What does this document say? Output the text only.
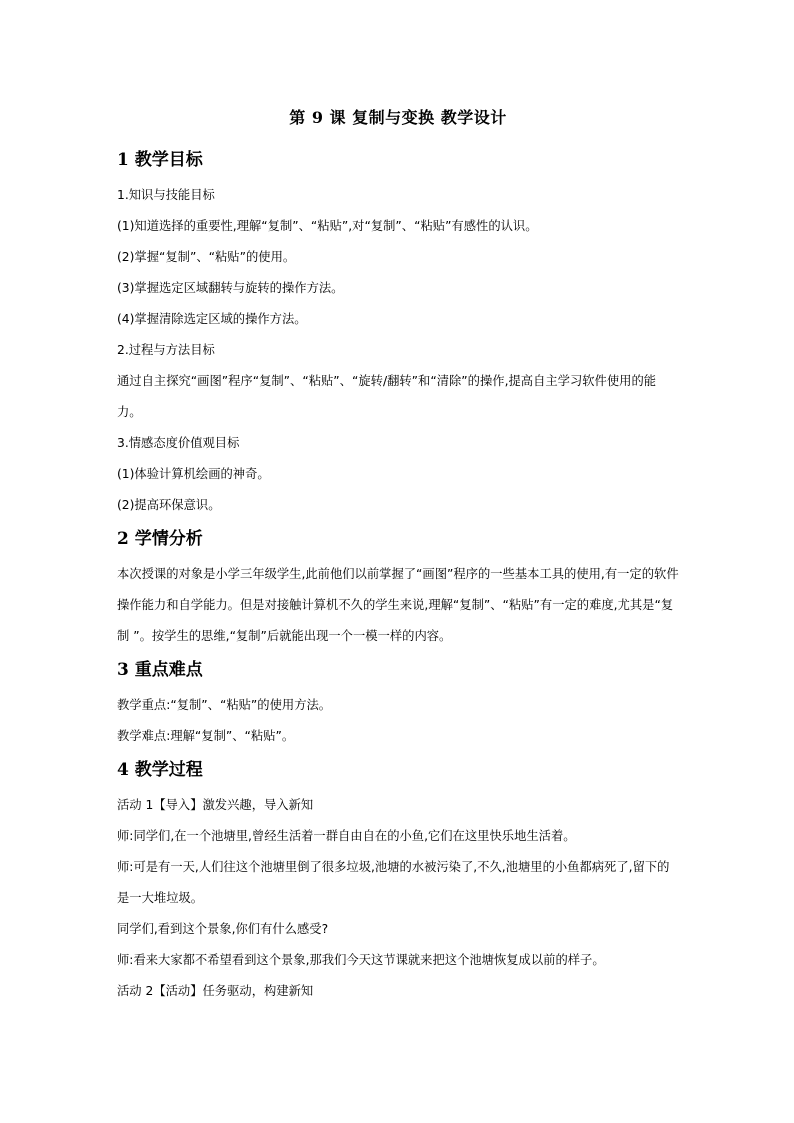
第 9 课 复制与变换 教学设计
1 教学目标

1.知识与技能目标

(1)知道选择的重要性,理解“复制”、“粘贴”,对“复制”、“粘贴”有感性的认识。

(2)掌握“复制”、“粘贴”的使用。

(3)掌握选定区域翻转与旋转的操作方法。

(4)掌握清除选定区域的操作方法。

2.过程与方法目标

通过自主探究“画图”程序“复制”、“粘贴”、“旋转/翻转”和“清除”的操作,提高自主学习软件使用的能力。

3.情感态度价值观目标

(1)体验计算机绘画的神奇。

(2)提高环保意识。

2 学情分析

本次授课的对象是小学三年级学生,此前他们以前掌握了“画图”程序的一些基本工具的使用,有一定的软件操作能力和自学能力。但是对接触计算机不久的学生来说,理解“复制”、“粘贴”有一定的难度,尤其是“复制 ”。按学生的思维,“复制”后就能出现一个一模一样的内容。

3 重点难点

教学重点:“复制”、“粘贴”的使用方法。

教学难点:理解“复制”、“粘贴”。

4 教学过程

活动 1【导入】激发兴趣，导入新知

师:同学们,在一个池塘里,曾经生活着一群自由自在的小鱼,它们在这里快乐地生活着。

师:可是有一天,人们往这个池塘里倒了很多垃圾,池塘的水被污染了,不久,池塘里的小鱼都病死了,留下的是一大堆垃圾。

同学们,看到这个景象,你们有什么感受?

师:看来大家都不希望看到这个景象,那我们今天这节课就来把这个池塘恢复成以前的样子。

活动 2【活动】任务驱动，构建新知
